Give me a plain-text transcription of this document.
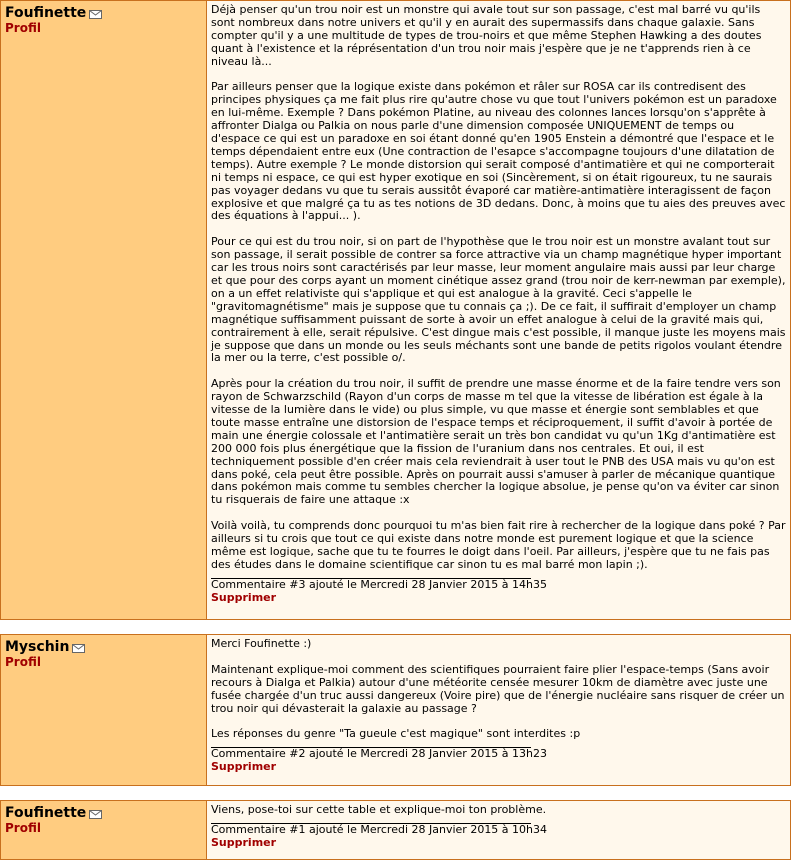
Foufinette
Profil

Déjà penser qu'un trou noir est un monstre qui avale tout sur son passage, c'est mal barré vu qu'ils sont nombreux dans notre univers et qu'il y en aurait des supermassifs dans chaque galaxie. Sans compter qu'il y a une multitude de types de trou-noirs et que même Stephen Hawking a des doutes quant à l'existence et la réprésentation d'un trou noir mais j'espère que je ne t'apprends rien à ce niveau là...

Par ailleurs penser que la logique existe dans pokémon et râler sur ROSA car ils contredisent des principes physiques ça me fait plus rire qu'autre chose vu que tout l'univers pokémon est un paradoxe en lui-même. Exemple ? Dans pokémon Platine, au niveau des colonnes lances lorsqu'on s'apprête à affronter Dialga ou Palkia on nous parle d'une dimension composée UNIQUEMENT de temps ou d'espace ce qui est un paradoxe en soi étant donné qu'en 1905 Enstein a démontré que l'espace et le temps dépendaient entre eux (Une contraction de l'esapce s'accompagne toujours d'une dilatation de temps). Autre exemple ? Le monde distorsion qui serait composé d'antimatière et qui ne comporterait ni temps ni espace, ce qui est hyper exotique en soi (Sincèrement, si on était rigoureux, tu ne saurais pas voyager dedans vu que tu serais aussitôt évaporé car matière-antimatière interagissent de façon explosive et que malgré ça tu as tes notions de 3D dedans. Donc, à moins que tu aies des preuves avec des équations à l'appui... ).

Pour ce qui est du trou noir, si on part de l'hypothèse que le trou noir est un monstre avalant tout sur son passage, il serait possible de contrer sa force attractive via un champ magnétique hyper important car les trous noirs sont caractérisés par leur masse, leur moment angulaire mais aussi par leur charge et que pour des corps ayant un moment cinétique assez grand (trou noir de kerr-newman par exemple), on a un effet relativiste qui s'applique et qui est analogue à la gravité. Ceci s'appelle le "gravitomagnétisme" mais je suppose que tu connais ça ;). De ce fait, il suffirait d'employer un champ magnétique suffisamment puissant de sorte à avoir un effet analogue à celui de la gravité mais qui, contrairement à elle, serait répulsive. C'est dingue mais c'est possible, il manque juste les moyens mais je suppose que dans un monde ou les seuls méchants sont une bande de petits rigolos voulant étendre la mer ou la terre, c'est possible o/.

Après pour la création du trou noir, il suffit de prendre une masse énorme et de la faire tendre vers son rayon de Schwarzschild (Rayon d'un corps de masse m tel que la vitesse de libération est égale à la vitesse de la lumière dans le vide) ou plus simple, vu que masse et énergie sont semblables et que toute masse entraîne une distorsion de l'espace temps et réciproquement, il suffit d'avoir à portée de main une énergie colossale et l'antimatière serait un très bon candidat vu qu'un 1Kg d'antimatière est 200 000 fois plus énergétique que la fission de l'uranium dans nos centrales. Et oui, il est techniquement possible d'en créer mais cela reviendrait à user tout le PNB des USA mais vu qu'on est dans poké, cela peut être possible. Après on pourrait aussi s'amuser à parler de mécanique quantique dans pokémon mais comme tu sembles chercher la logique absolue, je pense qu'on va éviter car sinon tu risquerais de faire une attaque :x

Voilà voilà, tu comprends donc pourquoi tu m'as bien fait rire à rechercher de la logique dans poké ? Par ailleurs si tu crois que tout ce qui existe dans notre monde est purement logique et que la science même est logique, sache que tu te fourres le doigt dans l'oeil. Par ailleurs, j'espère que tu ne fais pas des études dans le domaine scientifique car sinon tu es mal barré mon lapin ;).

Commentaire #3 ajouté le Mercredi 28 Janvier 2015 à 14h35
Supprimer
Myschin
Profil

Merci Foufinette :)

Maintenant explique-moi comment des scientifiques pourraient faire plier l'espace-temps (Sans avoir recours à Dialga et Palkia) autour d'une météorite censée mesurer 10km de diamètre avec juste une fusée chargée d'un truc aussi dangereux (Voire pire) que de l'énergie nucléaire sans risquer de créer un trou noir qui dévasterait la galaxie au passage ?

Les réponses du genre "Ta gueule c'est magique" sont interdites :p

Commentaire #2 ajouté le Mercredi 28 Janvier 2015 à 13h23
Supprimer
Foufinette
Profil

Viens, pose-toi sur cette table et explique-moi ton problème.

Commentaire #1 ajouté le Mercredi 28 Janvier 2015 à 10h34
Supprimer
